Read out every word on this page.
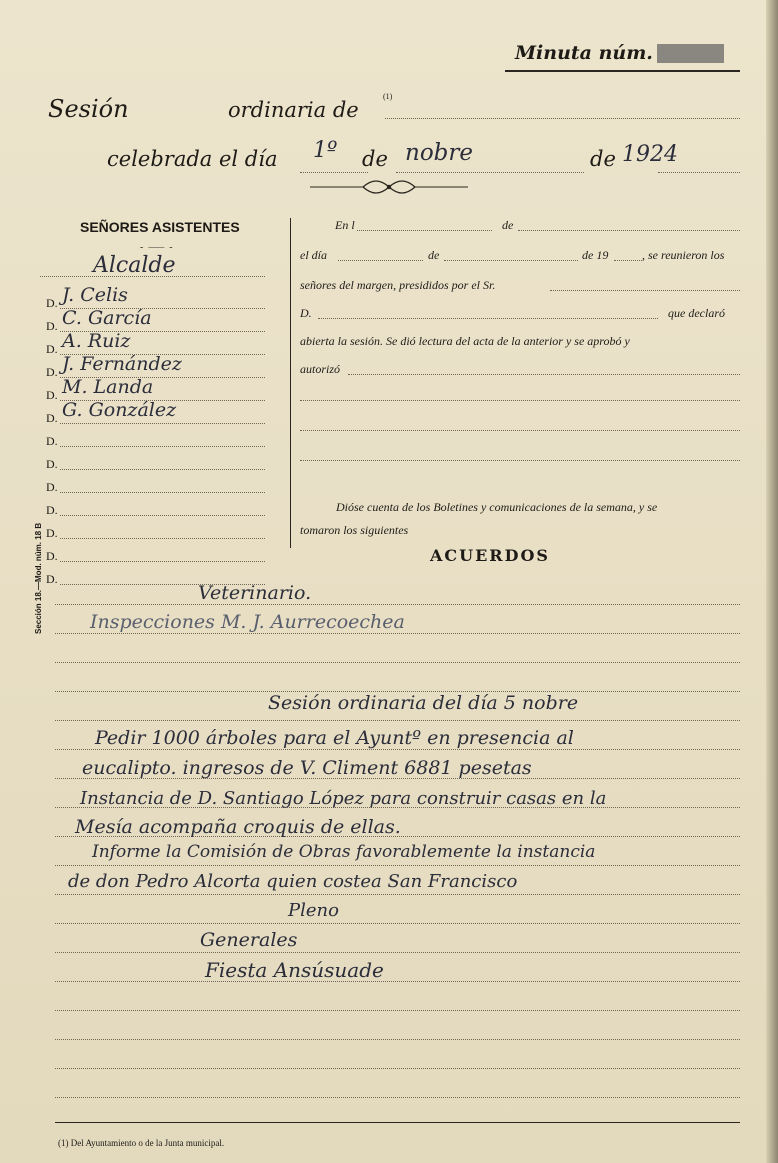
Minuta núm.
Sesión	ordinaria de
(1)
celebrada el día 1º de nobre	de 1924
SEÑORES ASISTENTES
- ⸺ -
Alcalde
D. J. Celis
D. C. García
D. A. Ruiz
D. J. Fernández
D. M. Landa
D. G. González
D.
D.
D.
D.
D.
D.
D.
Sección 18.—Mod. núm. 18 B
En l	de
el día	de	de 19	, se reunieron los
señores del margen, presididos por el Sr.
D.	que declaró
abierta la sesión. Se dió lectura del acta de la anterior y se aprobó y
autorizó
Dióse cuenta de los Boletines y comunicaciones de la semana, y se
tomaron los siguientes
ACUERDOS
Veterinario.
Inspecciones M. J. Aurrecoechea
Sesión ordinaria del día 5 nobre
Pedir 1000 árboles para el Ayuntº en presencia al
eucalipto. ingresos de V. Climent 6881 pesetas
Instancia de D. Santiago López para construir casas en la
Mesía acompaña croquis de ellas.
Informe la Comisión de Obras favorablemente la instancia
de don Pedro Alcorta quien costea San Francisco
Pleno
Generales
Fiesta Ansúsuade
(1) Del Ayuntamiento o de la Junta municipal.
